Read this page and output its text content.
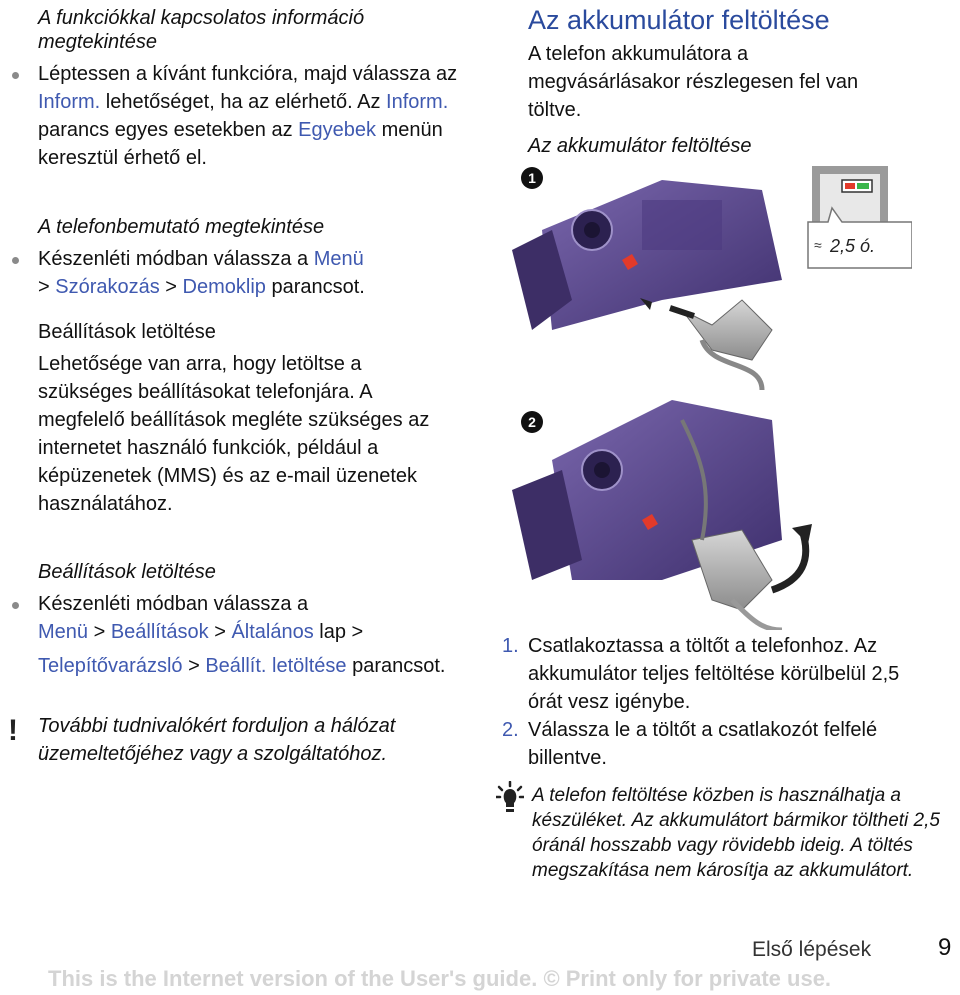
A funkciókkal kapcsolatos információ megtekintése
Léptessen a kívánt funkcióra, majd válassza az Inform. lehetőséget, ha az elérhető. Az Inform. parancs egyes esetekben az Egyebek menün keresztül érhető el.
A telefonbemutató megtekintése
Készenléti módban válassza a Menü
> Szórakozás > Demoklip parancsot.
Beállítások letöltése
Lehetősége van arra, hogy letöltse a szükséges beállításokat telefonjára. A megfelelő beállítások megléte szükséges az internetet használó funkciók, például a képüzenetek (MMS) és az e-mail üzenetek használatához.
Beállítások letöltése
Készenléti módban válassza a
Menü > Beállítások > Általános lap > Telepítővarázsló > Beállít. letöltése parancsot.
! További tudnivalókért forduljon a hálózat üzemeltetőjéhez vagy a szolgáltatóhoz.
Az akkumulátor feltöltése
A telefon akkumulátora a megvásárlásakor részlegesen fel van töltve.
Az akkumulátor feltöltése
1
≈ 2,5 ó.
2
1. Csatlakoztassa a töltőt a telefonhoz. Az akkumulátor teljes feltöltése körülbelül 2,5 órát vesz igénybe.
2. Válassza le a töltőt a csatlakozót felfelé billentve.
A telefon feltöltése közben is használhatja a készüléket. Az akkumulátort bármikor töltheti 2,5 óránál hosszabb vagy rövidebb ideig. A töltés megszakítása nem károsítja az akkumulátort.
Első lépések	9
This is the Internet version of the User's guide. © Print only for private use.
